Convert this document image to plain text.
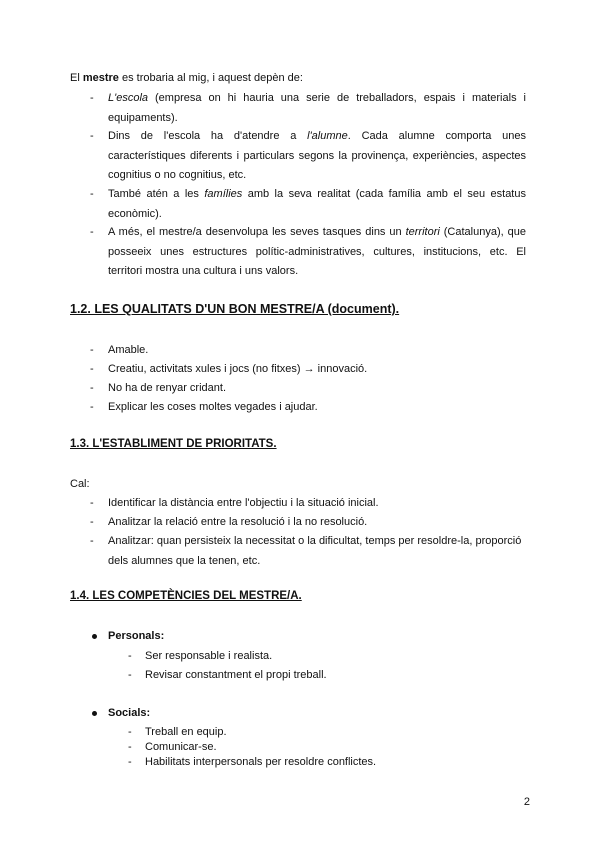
El mestre es trobaria al mig, i aquest depèn de:
- L'escola (empresa on hi hauria una serie de treballadors, espais i materials i
equipaments).
- Dins de l'escola ha d'atendre a l'alumne. Cada alumne comporta unes
característiques diferents i particulars segons la provinença, experiències, aspectes
cognitius o no cognitius, etc.
- També atén a les famílies amb la seva realitat (cada família amb el seu estatus
econòmic).
- A més, el mestre/a desenvolupa les seves tasques dins un territori (Catalunya), que
posseeix unes estructures polític-administratives, cultures, institucions, etc. El
territori mostra una cultura i uns valors.
1.2. LES QUALITATS D'UN BON MESTRE/A (document).
- Amable.
- Creatiu, activitats xules i jocs (no fitxes) → innovació.
- No ha de renyar cridant.
- Explicar les coses moltes vegades i ajudar.
1.3. L'ESTABLIMENT DE PRIORITATS.
Cal:
- Identificar la distància entre l'objectiu i la situació inicial.
- Analitzar la relació entre la resolució i la no resolució.
- Analitzar: quan persisteix la necessitat o la dificultat, temps per resoldre-la, proporció
dels alumnes que la tenen, etc.
1.4. LES COMPETÈNCIES DEL MESTRE/A.
Personals:
- Ser responsable i realista.
- Revisar constantment el propi treball.
Socials:
- Treball en equip.
- Comunicar-se.
- Habilitats interpersonals per resoldre conflictes.
2
